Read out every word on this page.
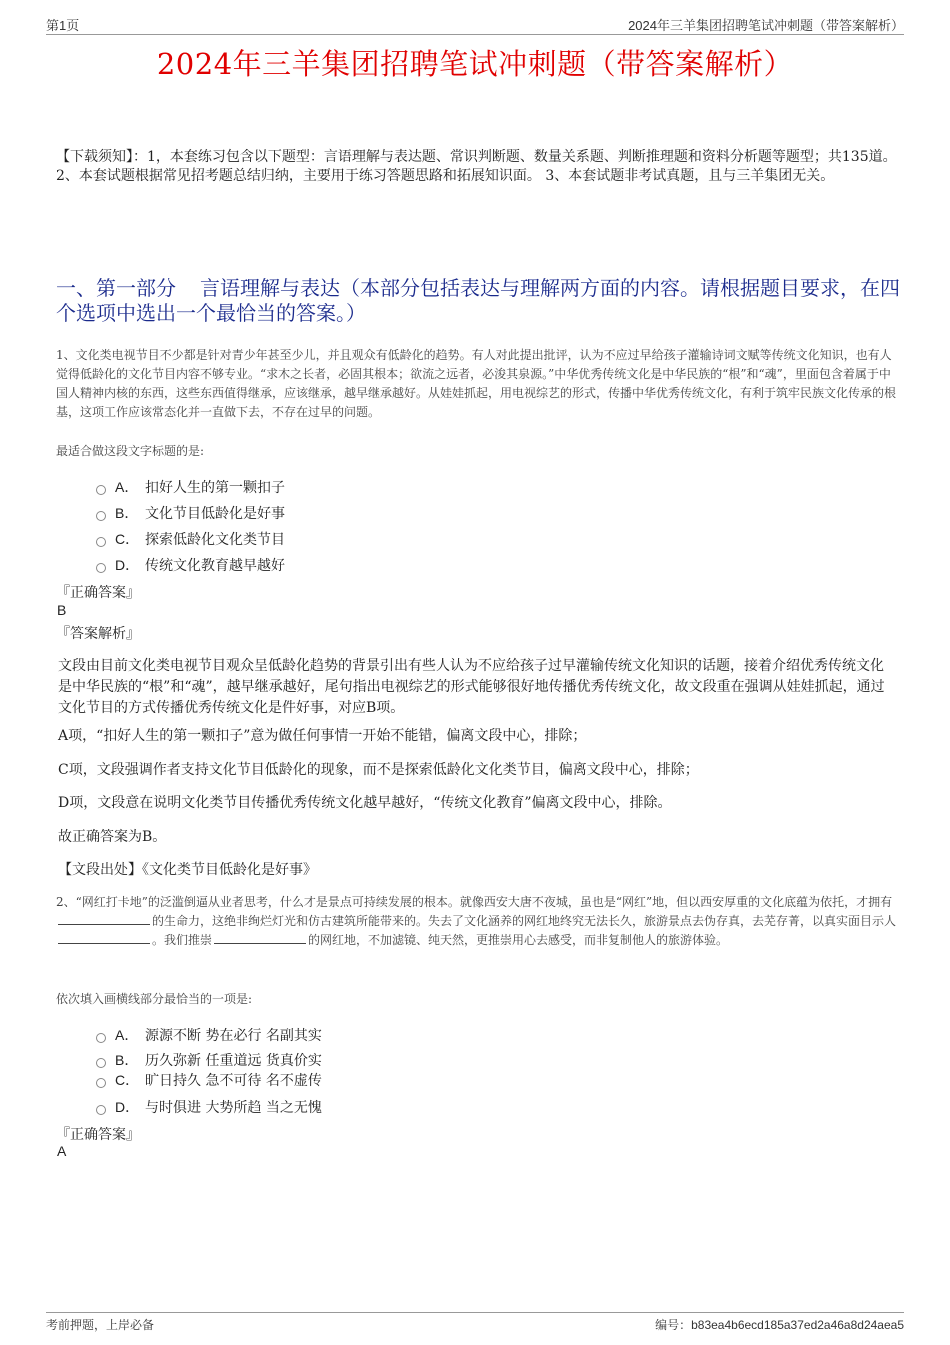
第1页	2024年三羊集团招聘笔试冲刺题（带答案解析）
2024年三羊集团招聘笔试冲刺题（带答案解析）
【下载须知】：1，本套练习包含以下题型：言语理解与表达题、常识判断题、数量关系题、判断推理题和资料分析题等题型；共135道。 2、本套试题根据常见招考题总结归纳，主要用于练习答题思路和拓展知识面。 3、本套试题非考试真题，且与三羊集团无关。
一、第一部分 言语理解与表达（本部分包括表达与理解两方面的内容。请根据题目要求，在四个选项中选出一个最恰当的答案。）
1、文化类电视节目不少都是针对青少年甚至少儿，并且观众有低龄化的趋势。有人对此提出批评，认为不应过早给孩子灌输诗词文赋等传统文化知识，也有人觉得低龄化的文化节目内容不够专业。“求木之长者，必固其根本；欲流之远者，必浚其泉源。”中华优秀传统文化是中华民族的“根”和“魂”，里面包含着属于中国人精神内核的东西，这些东西值得继承，应该继承，越早继承越好。从娃娃抓起，用电视综艺的形式，传播中华优秀传统文化，有利于筑牢民族文化传承的根基，这项工作应该常态化并一直做下去，不存在过早的问题。
最适合做这段文字标题的是:
A． 扣好人生的第一颗扣子
B． 文化节目低龄化是好事
C． 探索低龄化文化类节目
D． 传统文化教育越早越好
『正确答案』
B
『答案解析』
文段由目前文化类电视节目观众呈低龄化趋势的背景引出有些人认为不应给孩子过早灌输传统文化知识的话题，接着介绍优秀传统文化是中华民族的“根”和“魂”，越早继承越好，尾句指出电视综艺的形式能够很好地传播优秀传统文化，故文段重在强调从娃娃抓起，通过文化节目的方式传播优秀传统文化是件好事，对应B项。
A项，“扣好人生的第一颗扣子”意为做任何事情一开始不能错，偏离文段中心，排除；
C项，文段强调作者支持文化节目低龄化的现象，而不是探索低龄化文化类节目，偏离文段中心，排除；
D项，文段意在说明文化类节目传播优秀传统文化越早越好，“传统文化教育”偏离文段中心，排除。
故正确答案为B。
【文段出处】《文化类节目低龄化是好事》
2、“网红打卡地”的泛滥倒逼从业者思考，什么才是景点可持续发展的根本。就像西安大唐不夜城，虽也是“网红”地，但以西安厚重的文化底蕴为依托，才拥有的生命力，这绝非绚烂灯光和仿古建筑所能带来的。失去了文化涵养的网红地终究无法长久，旅游景点去伪存真，去芜存菁，以真实面目示人。我们推崇	的网红地，不加滤镜、纯天然，更推崇用心去感受，而非复制他人的旅游体验。
依次填入画横线部分最恰当的一项是:
A． 源源不断 势在必行 名副其实
B． 历久弥新 任重道远 货真价实
C． 旷日持久 急不可待 名不虚传
D． 与时俱进 大势所趋 当之无愧
『正确答案』
A
考前押题，上岸必备	编号：b83ea4b6ecd185a37ed2a46a8d24aea5
